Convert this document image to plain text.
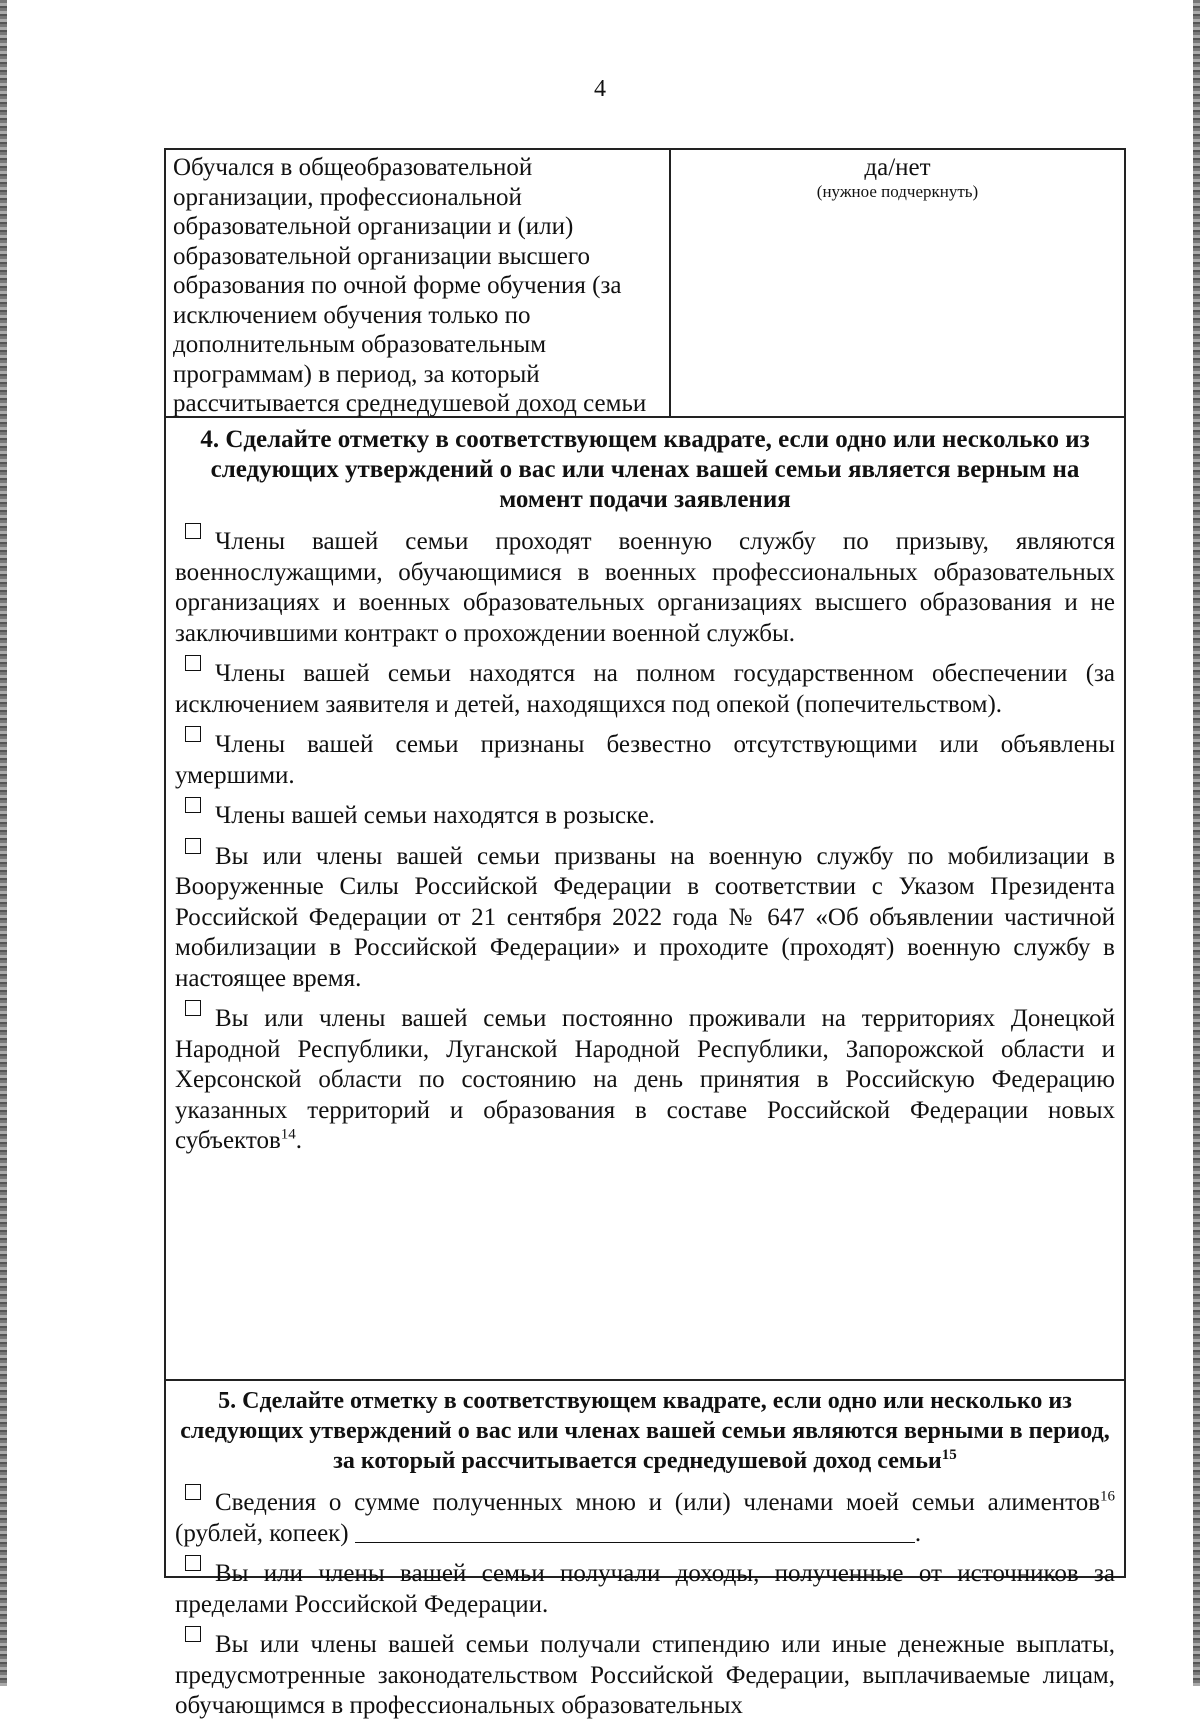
4
Обучался в общеобразовательной организации, профессиональной образовательной организации и (или) образовательной организации высшего образования по очной форме обучения (за исключением обучения только по дополнительным образовательным программам) в период, за который рассчитывается среднедушевой доход семьи
да/нет
(нужное подчеркнуть)
4. Сделайте отметку в соответствующем квадрате, если одно или несколько из следующих утверждений о вас или членах вашей семьи является верным на момент подачи заявления
Члены вашей семьи проходят военную службу по призыву, являются военнослужащими, обучающимися в военных профессиональных образовательных организациях и военных образовательных организациях высшего образования и не заключившими контракт о прохождении военной службы.
Члены вашей семьи находятся на полном государственном обеспечении (за исключением заявителя и детей, находящихся под опекой (попечительством).
Члены вашей семьи признаны безвестно отсутствующими или объявлены умершими.
Члены вашей семьи находятся в розыске.
Вы или члены вашей семьи призваны на военную службу по мобилизации в Вооруженные Силы Российской Федерации в соответствии с Указом Президента Российской Федерации от 21 сентября 2022 года № 647 «Об объявлении частичной мобилизации в Российской Федерации» и проходите (проходят) военную службу в настоящее время.
Вы или члены вашей семьи постоянно проживали на территориях Донецкой Народной Республики, Луганской Народной Республики, Запорожской области и Херсонской области по состоянию на день принятия в Российскую Федерацию указанных территорий и образования в составе Российской Федерации новых субъектов$^{14}$.
5. Сделайте отметку в соответствующем квадрате, если одно или несколько из следующих утверждений о вас или членах вашей семьи являются верными в период, за который рассчитывается среднедушевой доход семьи$^{15}$
Сведения о сумме полученных мною и (или) членами моей семьи алиментов$^{16}$ (рублей, копеек)	.
Вы или члены вашей семьи получали доходы, полученные от источников за пределами Российской Федерации.
Вы или члены вашей семьи получали стипендию или иные денежные выплаты, предусмотренные законодательством Российской Федерации, выплачиваемые лицам, обучающимся в профессиональных образовательных
